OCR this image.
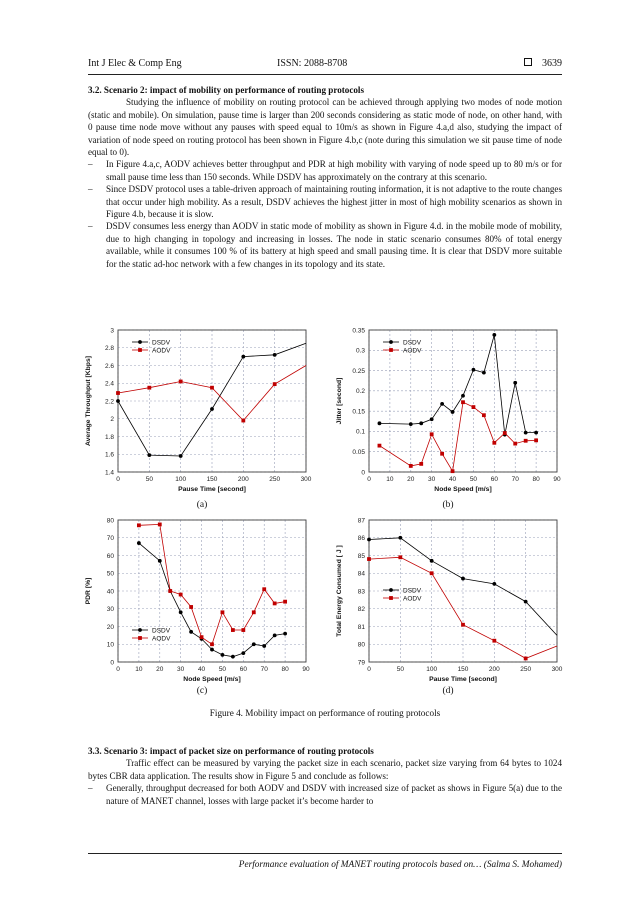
Int J Elec & Comp Eng	ISSN: 2088-8708	3639

3.2. Scenario 2: impact of mobility on performance of routing protocols

Studying the influence of mobility on routing protocol can be achieved through applying two modes of node motion (static and mobile). On simulation, pause time is larger than 200 seconds considering as static mode of node, on other hand, with 0 pause time node move without any pauses with speed equal to 10m/s as shown in Figure 4.a,d also, studying the impact of variation of node speed on routing protocol has been shown in Figure 4.b,c (note during this simulation we sit pause time of node equal to 0).

– In Figure 4.a,c, AODV achieves better throughput and PDR at high mobility with varying of node speed up to 80 m/s or for small pause time less than 150 seconds. While DSDV has approximately on the contrary at this scenario.
– Since DSDV protocol uses a table-driven approach of maintaining routing information, it is not adaptive to the route changes that occur under high mobility. As a result, DSDV achieves the highest jitter in most of high mobility scenarios as shown in Figure 4.b, because it is slow.
– DSDV consumes less energy than AODV in static mode of mobility as shown in Figure 4.d. in the mobile mode of mobility, due to high changing in topology and increasing in losses. The node in static scenario consumes 80% of total energy available, while it consumes 100 % of its battery at high speed and small pausing time. It is clear that DSDV more suitable for the static ad-hoc network with a few changes in its topology and its state.
0	50	100	150	200	250	300
1.4
1.6
1.8
2
2.2
2.4
2.6
2.8
3
Pause Time [second]
Average Throughput [Kbps]
DSDV
AODV
0 10 20 30 40 50 60 70 80 90
0
0.05
0.1
0.15
0.2
0.25
0.3
0.35
Node Speed [m/s]
Jitter [second]
DSDV
AODV
0 10 20 30 40 50 60 70 80 90
0
10
20
30
40
50
60
70
80
Node Speed [m/s]
PDR [%]
DSDV
AODV
0	50	100	150	200	250	300
79
80
81
82
83
84
85
86
87
Pause Time [second]
Total Energy Consumed [ J ]	DSDV
AODV
(a)	(b)
(c)	(d)
Figure 4. Mobility impact on performance of routing protocols

3.3. Scenario 3: impact of packet size on performance of routing protocols

Traffic effect can be measured by varying the packet size in each scenario, packet size varying from 64 bytes to 1024 bytes CBR data application. The results show in Figure 5 and conclude as follows:

– Generally, throughput decreased for both AODV and DSDV with increased size of packet as shows in Figure 5(a) due to the nature of MANET channel, losses with large packet it’s become harder to
Performance evaluation of MANET routing protocols based on… (Salma S. Mohamed)
